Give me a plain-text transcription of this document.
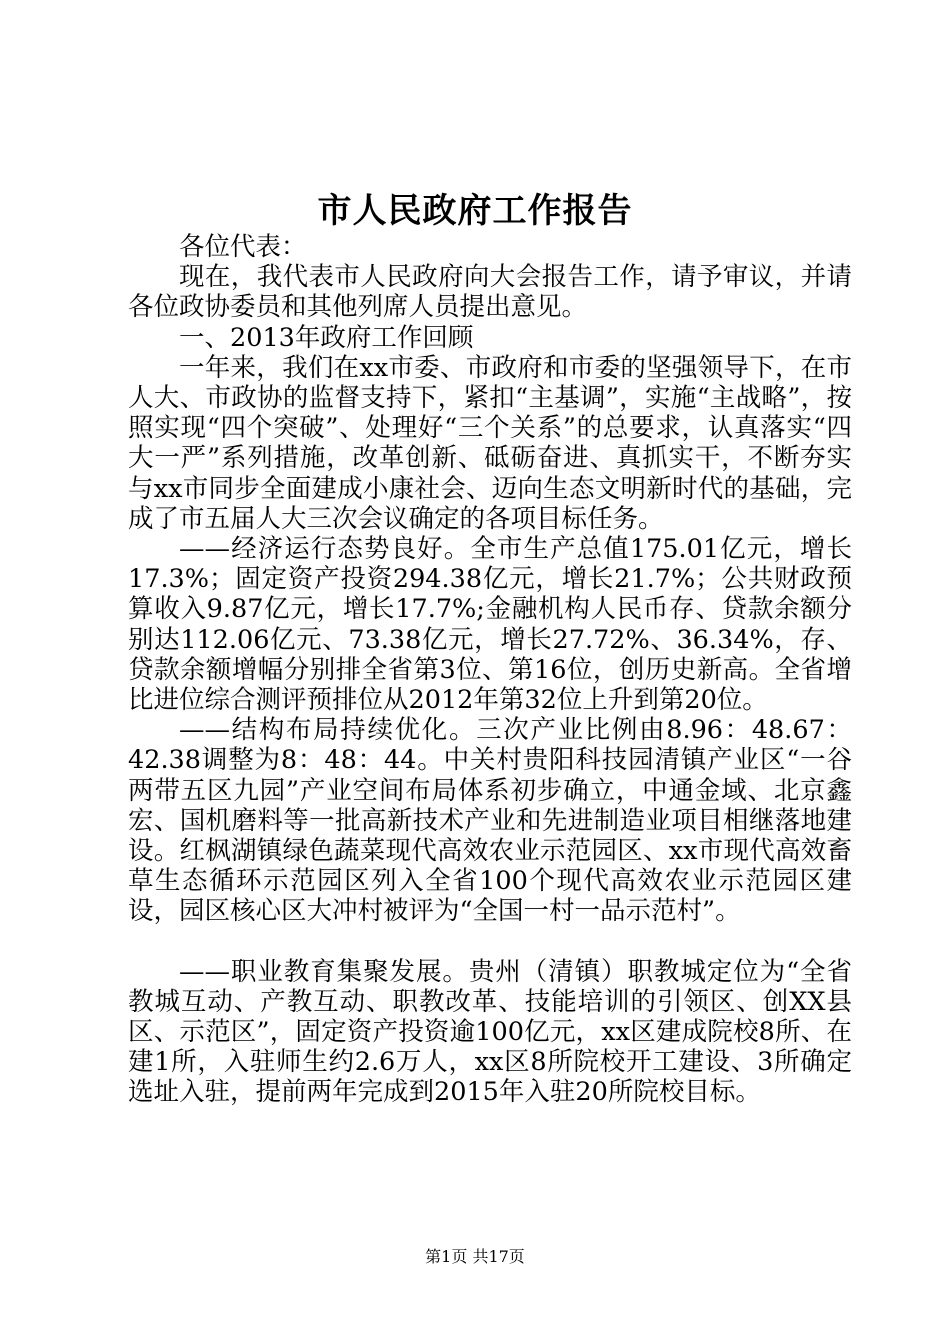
市人民政府工作报告

各位代表：

现在，我代表市人民政府向大会报告工作，请予审议，并请各位政协委员和其他列席人员提出意见。

一、2013年政府工作回顾

一年来，我们在xx市委、市政府和市委的坚强领导下，在市人大、市政协的监督支持下，紧扣“主基调”，实施“主战略”，按照实现“四个突破”、处理好“三个关系”的总要求，认真落实“四大一严”系列措施，改革创新、砥砺奋进、真抓实干，不断夯实与xx市同步全面建成小康社会、迈向生态文明新时代的基础，完成了市五届人大三次会议确定的各项目标任务。

——经济运行态势良好。全市生产总值175.01亿元，增长17.3%；固定资产投资294.38亿元，增长21.7%；公共财政预算收入9.87亿元，增长17.7%;金融机构人民币存、贷款余额分别达112.06亿元、73.38亿元，增长27.72%、36.34%，存、贷款余额增幅分别排全省第3位、第16位，创历史新高。全省增比进位综合测评预排位从2012年第32位上升到第20位。

——结构布局持续优化。三次产业比例由8.96：48.67：42.38调整为8：48：44。中关村贵阳科技园清镇产业区“一谷两带五区九园”产业空间布局体系初步确立，中通金域、北京鑫宏、国机磨料等一批高新技术产业和先进制造业项目相继落地建设。红枫湖镇绿色蔬菜现代高效农业示范园区、xx市现代高效畜草生态循环示范园区列入全省100个现代高效农业示范园区建设，园区核心区大冲村被评为“全国一村一品示范村”。

——职业教育集聚发展。贵州（清镇）职教城定位为“全省教城互动、产教互动、职教改革、技能培训的引领区、创XX县区、示范区”，固定资产投资逾100亿元，xx区建成院校8所、在建1所，入驻师生约2.6万人，xx区8所院校开工建设、3所确定选址入驻，提前两年完成到2015年入驻20所院校目标。

第1页 共17页
